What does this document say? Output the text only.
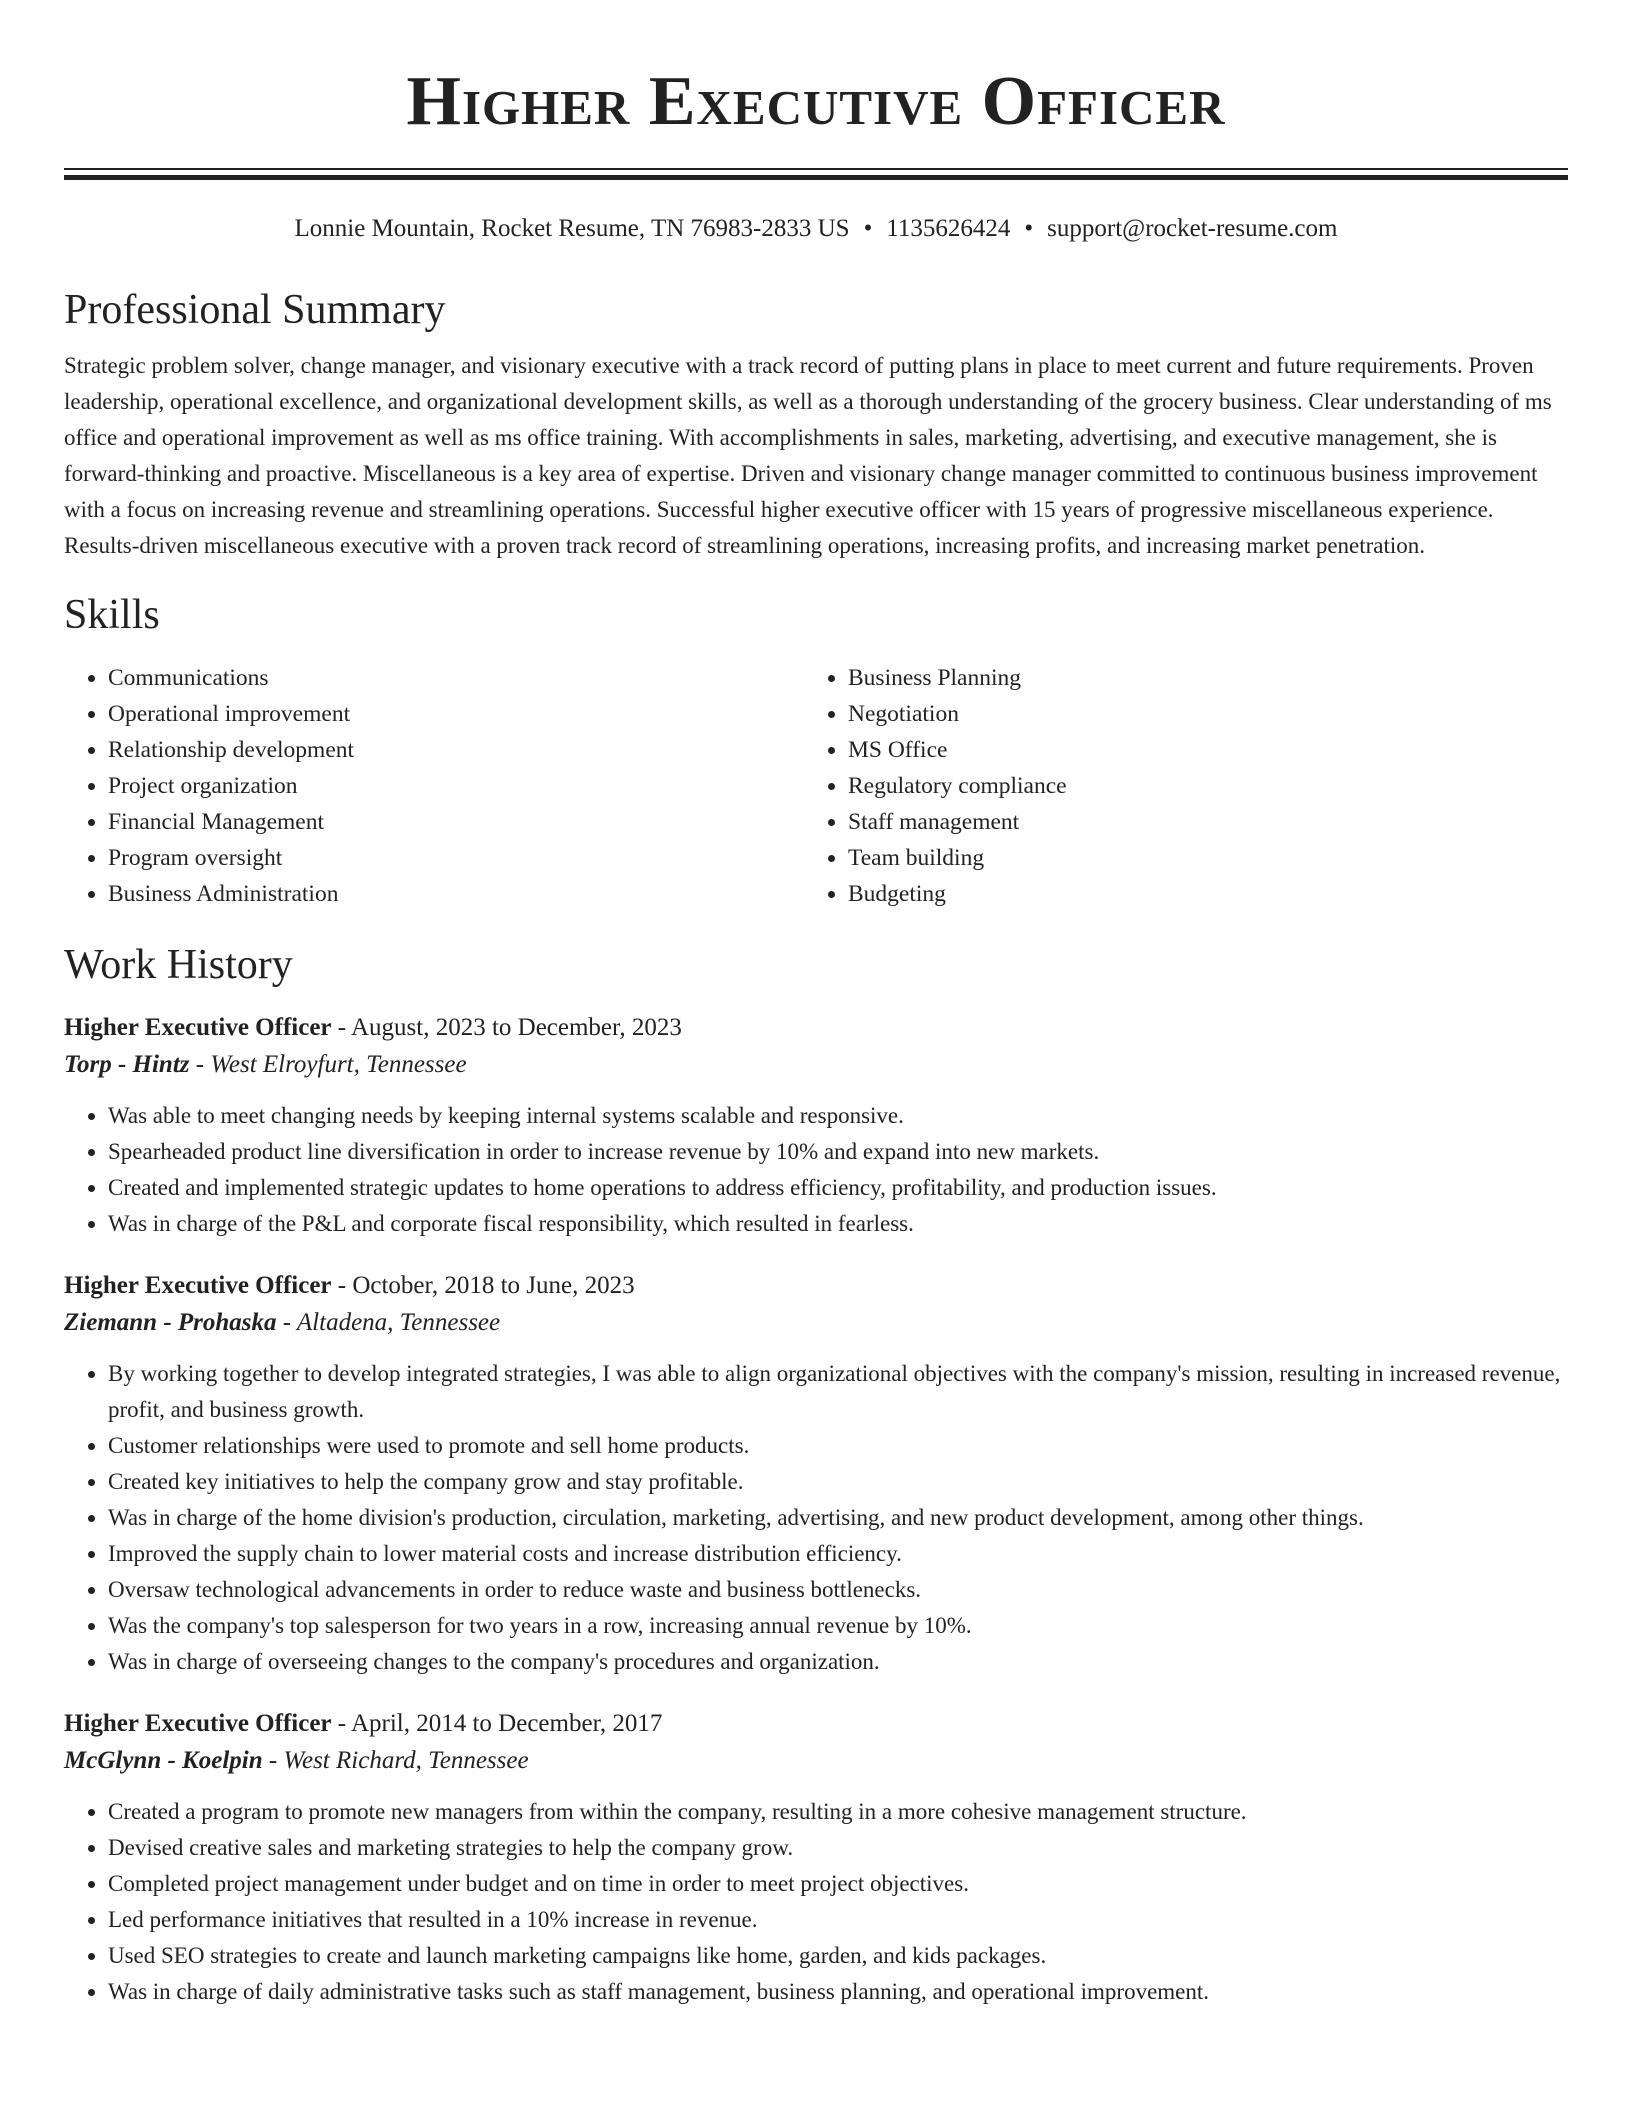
Higher Executive Officer
Lonnie Mountain, Rocket Resume, TN 76983-2833 US • 1135626424 • support@rocket-resume.com
Professional Summary

Strategic problem solver, change manager, and visionary executive with a track record of putting plans in place to meet current and future requirements. Proven leadership, operational excellence, and organizational development skills, as well as a thorough understanding of the grocery business. Clear understanding of ms office and operational improvement as well as ms office training. With accomplishments in sales, marketing, advertising, and executive management, she is forward-thinking and proactive. Miscellaneous is a key area of expertise. Driven and visionary change manager committed to continuous business improvement with a focus on increasing revenue and streamlining operations. Successful higher executive officer with 15 years of progressive miscellaneous experience. Results-driven miscellaneous executive with a proven track record of streamlining operations, increasing profits, and increasing market penetration.

Skills
• Communications
• Operational improvement
• Relationship development
• Project organization
• Financial Management
• Program oversight
• Business Administration
• Business Planning
• Negotiation
• MS Office
• Regulatory compliance
• Staff management
• Team building
• Budgeting
Work History
Higher Executive Officer - August, 2023 to December, 2023
Torp - Hintz - West Elroyfurt, Tennessee
• Was able to meet changing needs by keeping internal systems scalable and responsive.
• Spearheaded product line diversification in order to increase revenue by 10% and expand into new markets.
• Created and implemented strategic updates to home operations to address efficiency, profitability, and production issues.
• Was in charge of the P&L and corporate fiscal responsibility, which resulted in fearless.
Higher Executive Officer - October, 2018 to June, 2023
Ziemann - Prohaska - Altadena, Tennessee
• By working together to develop integrated strategies, I was able to align organizational objectives with the company's mission, resulting in increased revenue, profit, and business growth.
• Customer relationships were used to promote and sell home products.
• Created key initiatives to help the company grow and stay profitable.
• Was in charge of the home division's production, circulation, marketing, advertising, and new product development, among other things.
• Improved the supply chain to lower material costs and increase distribution efficiency.
• Oversaw technological advancements in order to reduce waste and business bottlenecks.
• Was the company's top salesperson for two years in a row, increasing annual revenue by 10%.
• Was in charge of overseeing changes to the company's procedures and organization.
Higher Executive Officer - April, 2014 to December, 2017
McGlynn - Koelpin - West Richard, Tennessee
• Created a program to promote new managers from within the company, resulting in a more cohesive management structure.
• Devised creative sales and marketing strategies to help the company grow.
• Completed project management under budget and on time in order to meet project objectives.
• Led performance initiatives that resulted in a 10% increase in revenue.
• Used SEO strategies to create and launch marketing campaigns like home, garden, and kids packages.
• Was in charge of daily administrative tasks such as staff management, business planning, and operational improvement.
